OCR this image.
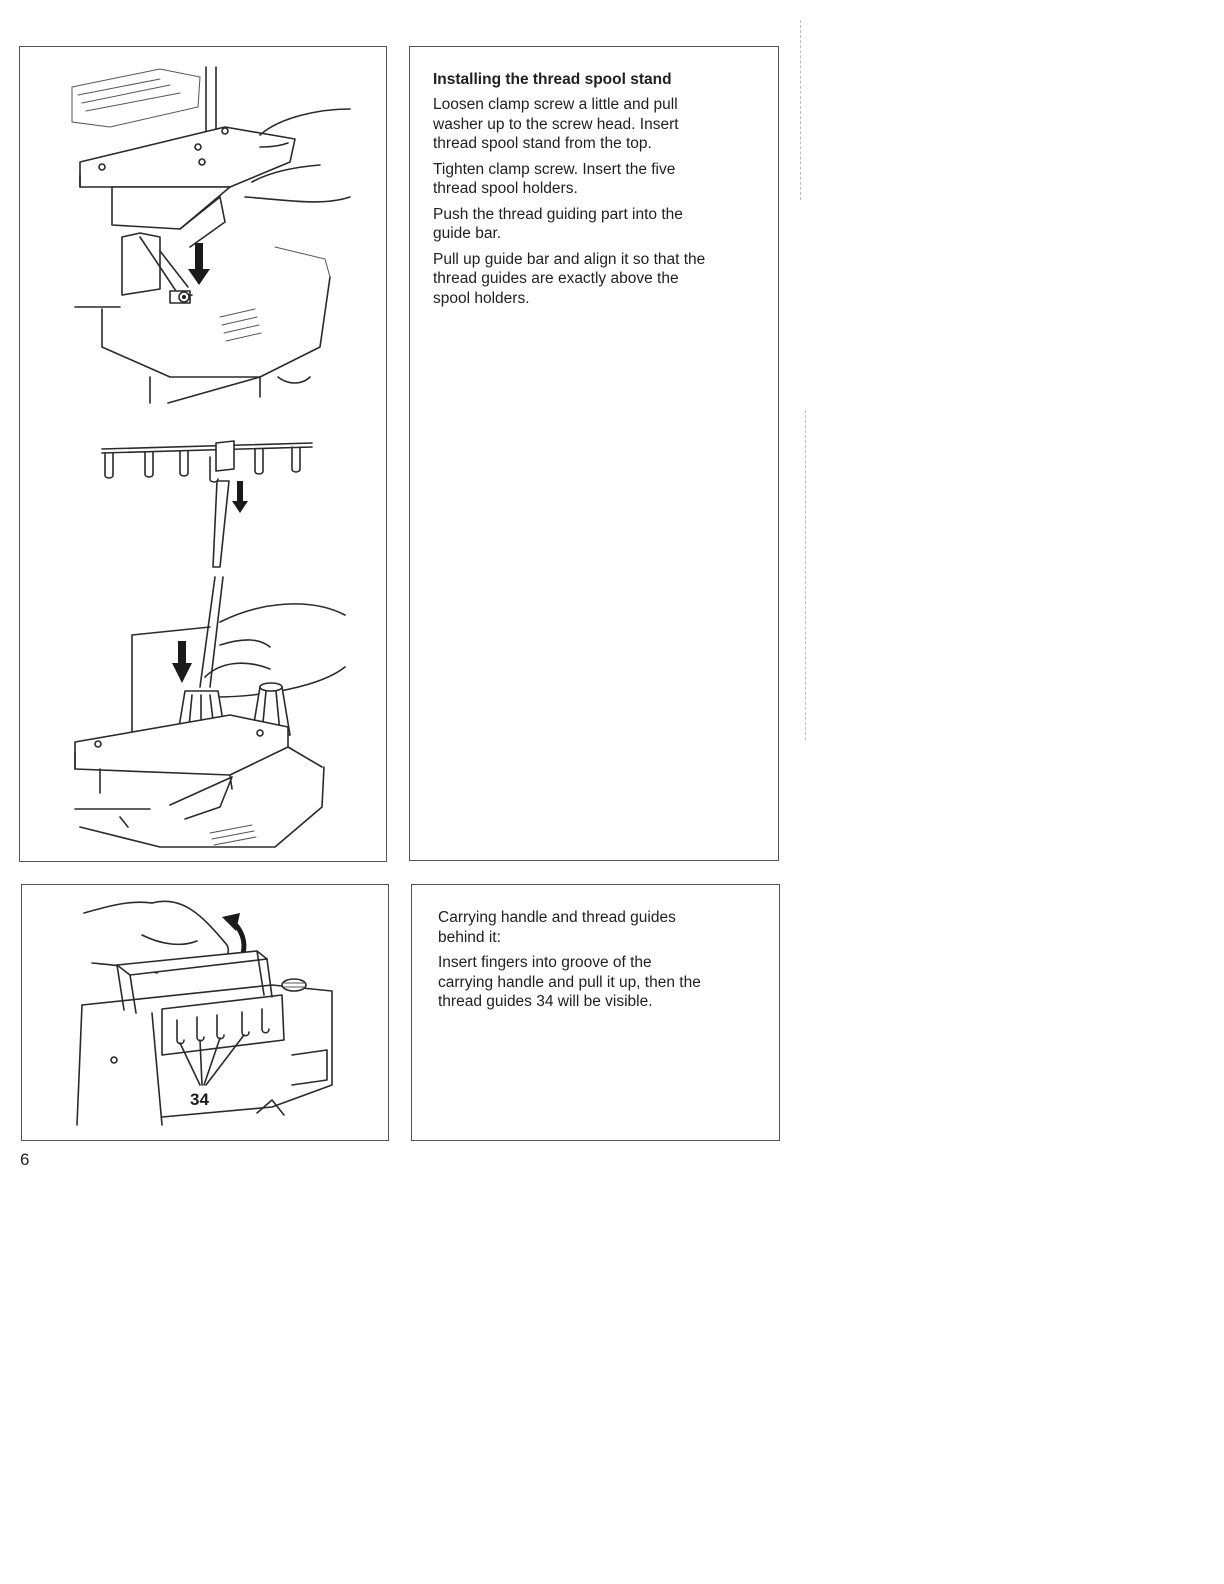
Installing the thread spool stand

Loosen clamp screw a little and pull
washer up to the screw head. Insert
thread spool stand from the top.

Tighten clamp screw. Insert the five
thread spool holders.

Push the thread guiding part into the
guide bar.

Pull up guide bar and align it so that the
thread guides are exactly above the
spool holders.

34

Carrying handle and thread guides
behind it:

Insert fingers into groove of the
carrying handle and pull it up, then the
thread guides 34 will be visible.

6
